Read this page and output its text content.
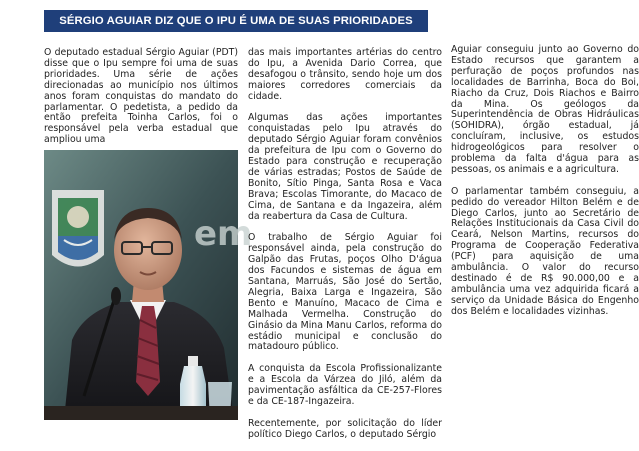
SÉRGIO AGUIAR DIZ QUE O IPU É UMA DE SUAS PRIORIDADES

O deputado estadual Sérgio Aguiar (PDT) disse que o Ipu sempre foi uma de suas prioridades. Uma série de ações direcionadas ao município nos últimos anos foram conquistas do mandato do parlamentar. O pedetista, a pedido da então prefeita Toinha Carlos, foi o responsável pela verba estadual que ampliou uma

em

das mais importantes artérias do centro do Ipu, a Avenida Dario Correa, que desafogou o trânsito, sendo hoje um dos maiores corredores comerciais da cidade.

Algumas das ações importantes conquistadas pelo Ipu através do deputado Sérgio Aguiar foram convênios da prefeitura de Ipu com o Governo do Estado para construção e recuperação de várias estradas; Postos de Saúde de Bonito, Sítio Pinga, Santa Rosa e Vaca Brava; Escolas Timorante, do Macaco de Cima, de Santana e da Ingazeira, além da reabertura da Casa de Cultura.

O trabalho de Sérgio Aguiar foi responsável ainda, pela construção do Galpão das Frutas, poços Olho D'água dos Facundos e sistemas de água em Santana, Marruás, São José do Sertão, Alegria, Baixa Larga e Ingazeira, São Bento e Manuíno, Macaco de Cima e Malhada Vermelha. Construção do Ginásio da Mina Manu Carlos, reforma do estádio municipal e conclusão do matadouro público.

A conquista da Escola Profissionalizante e a Escola da Várzea do Jiló, além da pavimentação asfáltica da CE-257-Flores e da CE-187-Ingazeira.

Recentemente, por solicitação do líder político Diego Carlos, o deputado Sérgio

Aguiar conseguiu junto ao Governo do Estado recursos que garantem a perfuração de poços profundos nas localidades de Barrinha, Boca do Boi, Riacho da Cruz, Dois Riachos e Bairro da Mina. Os geólogos da Superintendência de Obras Hidráulicas (SOHIDRA), órgão estadual, já concluíram, inclusive, os estudos hidrogeológicos para resolver o problema da falta d'água para as pessoas, os animais e a agricultura.

O parlamentar também conseguiu, a pedido do vereador Hilton Belém e de Diego Carlos, junto ao Secretário de Relações Institucionais da Casa Civil do Ceará, Nelson Martins, recursos do Programa de Cooperação Federativa (PCF) para aquisição de uma ambulância. O valor do recurso destinado é de R$ 90.000,00 e a ambulância uma vez adquirida ficará a serviço da Unidade Básica do Engenho dos Belém e localidades vizinhas.
